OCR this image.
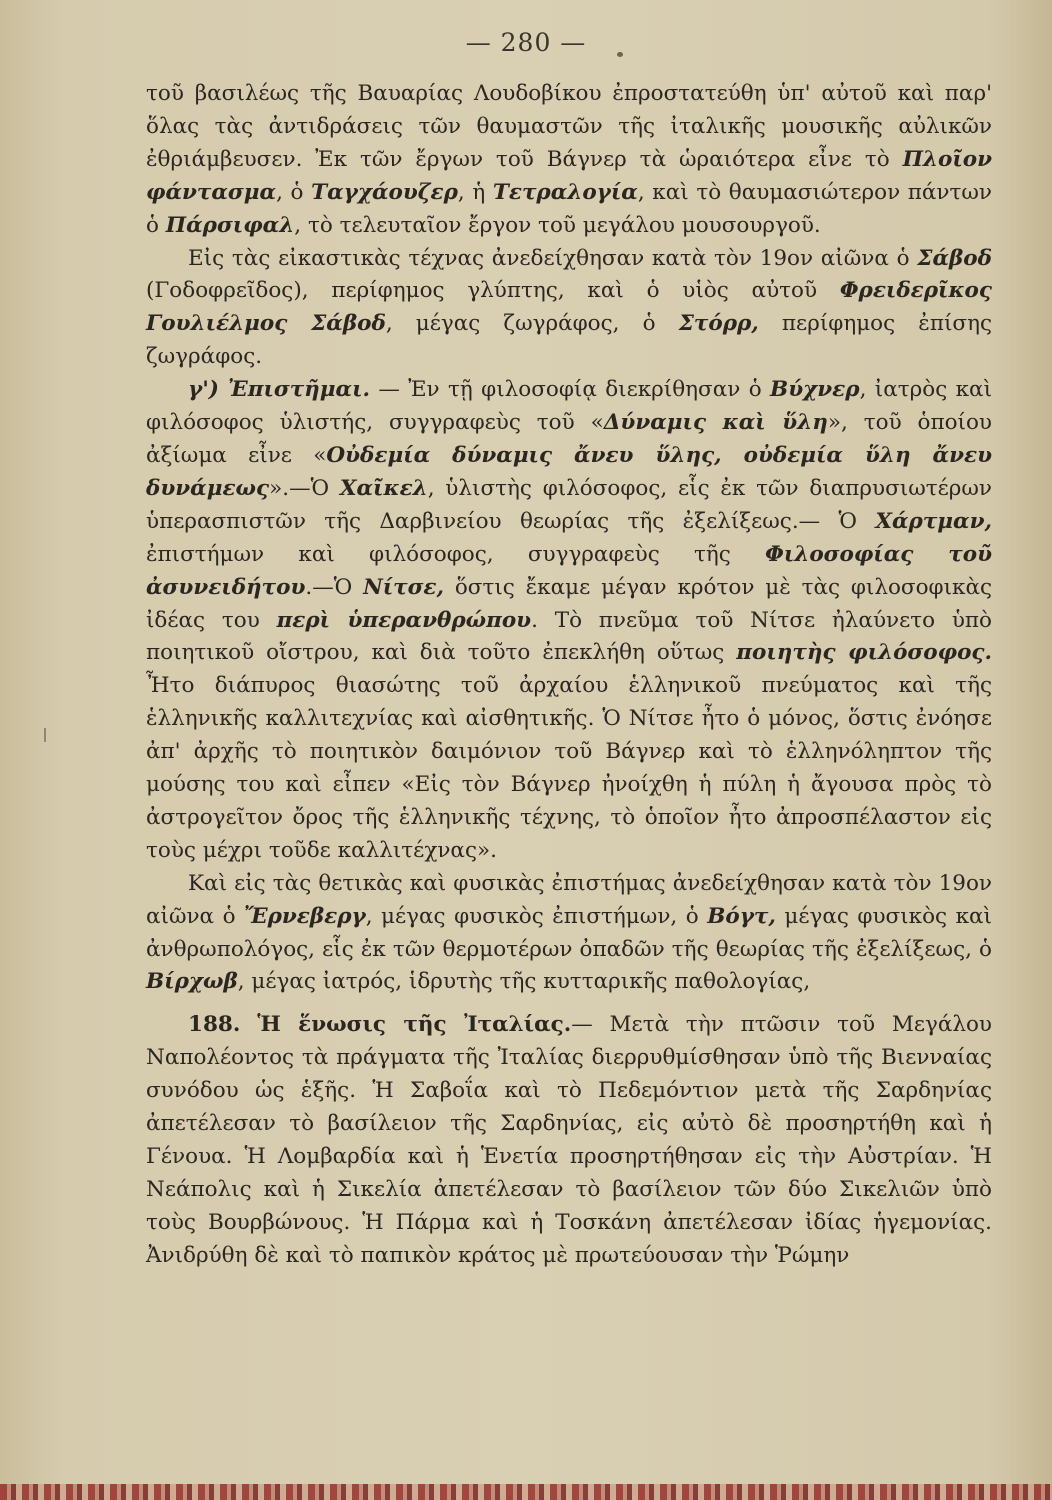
— 280 —

τοῦ βασιλέως τῆς Βαυαρίας Λουδοβίκου ἐπροστατεύθη ὑπ' αὐτοῦ καὶ παρ' ὅλας τὰς ἀντιδράσεις τῶν θαυμαστῶν τῆς ἰταλικῆς μουσικῆς αὐλικῶν ἐθριάμβευσεν. Ἐκ τῶν ἔργων τοῦ Βάγνερ τὰ ὡραιότερα εἶνε τὸ Πλοῖον φάντασμα, ὁ Ταγχάουζερ, ἡ Τετραλογία, καὶ τὸ θαυμασιώτερον πάντων ὁ Πάρσιφαλ, τὸ τελευταῖον ἔργον τοῦ μεγάλου μουσουργοῦ.

Εἰς τὰς εἰκαστικὰς τέχνας ἀνεδείχθησαν κατὰ τὸν 19ον αἰῶνα ὁ Σάβοδ (Γοδοφρεῖδος), περίφημος γλύπτης, καὶ ὁ υἱὸς αὐτοῦ Φρειδερῖκος Γουλιέλμος Σάβοδ, μέγας ζωγράφος, ὁ Στόρρ, περίφημος ἐπίσης ζωγράφος.

γ') Ἐπιστῆμαι. — Ἐν τῇ φιλοσοφίᾳ διεκρίθησαν ὁ Βύχνερ, ἰατρὸς καὶ φιλόσοφος ὑλιστής, συγγραφεὺς τοῦ «Δύναμις καὶ ὕλη», τοῦ ὁποίου ἀξίωμα εἶνε «Οὐδεμία δύναμις ἄνευ ὕλης, οὐδεμία ὕλη ἄνευ δυνάμεως».—Ὁ Χαῖκελ, ὑλιστὴς φιλόσοφος, εἷς ἐκ τῶν διαπρυσιωτέρων ὑπερασπιστῶν τῆς Δαρβινείου θεωρίας τῆς ἐξελίξεως.— Ὁ Χάρτμαν, ἐπιστήμων καὶ φιλόσοφος, συγγραφεὺς τῆς Φιλοσοφίας τοῦ ἀσυνειδήτου.—Ὁ Νίτσε, ὅστις ἔκαμε μέγαν κρότον μὲ τὰς φιλοσοφικὰς ἰδέας του περὶ ὑπερανθρώπου. Τὸ πνεῦμα τοῦ Νίτσε ἠλαύνετο ὑπὸ ποιητικοῦ οἴστρου, καὶ διὰ τοῦτο ἐπεκλήθη οὕτως ποιητὴς φιλόσοφος. Ἦτο διάπυρος θιασώτης τοῦ ἀρχαίου ἑλληνικοῦ πνεύματος καὶ τῆς ἑλληνικῆς καλλιτεχνίας καὶ αἰσθητικῆς. Ὁ Νίτσε ἦτο ὁ μόνος, ὅστις ἐνόησε ἀπ' ἀρχῆς τὸ ποιητικὸν δαιμόνιον τοῦ Βάγνερ καὶ τὸ ἑλληνόληπτον τῆς μούσης του καὶ εἶπεν «Εἰς τὸν Βάγνερ ἠνοίχθη ἡ πύλη ἡ ἄγουσα πρὸς τὸ ἀστρογεῖτον ὄρος τῆς ἑλληνικῆς τέχνης, τὸ ὁποῖον ἦτο ἀπροσπέλαστον εἰς τοὺς μέχρι τοῦδε καλλιτέχνας».

Καὶ εἰς τὰς θετικὰς καὶ φυσικὰς ἐπιστήμας ἀνεδείχθησαν κατὰ τὸν 19ον αἰῶνα ὁ Ἔρνεβεργ, μέγας φυσικὸς ἐπιστήμων, ὁ Βόγτ, μέγας φυσικὸς καὶ ἀνθρωπολόγος, εἷς ἐκ τῶν θερμοτέρων ὀπαδῶν τῆς θεωρίας τῆς ἐξελίξεως, ὁ Βίρχωβ, μέγας ἰατρός, ἱδρυτὴς τῆς κυτταρικῆς παθολογίας,

188. Ἡ ἕνωσις τῆς Ἰταλίας.— Μετὰ τὴν πτῶσιν τοῦ Μεγάλου Ναπολέοντος τὰ πράγματα τῆς Ἰταλίας διερρυθμίσθησαν ὑπὸ τῆς Βιενναίας συνόδου ὡς ἑξῆς. Ἡ Σαβοΐα καὶ τὸ Πεδεμόντιον μετὰ τῆς Σαρδηνίας ἀπετέλεσαν τὸ βασίλειον τῆς Σαρδηνίας, εἰς αὐτὸ δὲ προσηρτήθη καὶ ἡ Γένουα. Ἡ Λομβαρδία καὶ ἡ Ἑνετία προσηρτήθησαν εἰς τὴν Αὐστρίαν. Ἡ Νεάπολις καὶ ἡ Σικελία ἀπετέλεσαν τὸ βασίλειον τῶν δύο Σικελιῶν ὑπὸ τοὺς Βουρβώνους. Ἡ Πάρμα καὶ ἡ Τοσκάνη ἀπετέλεσαν ἰδίας ἡγεμονίας. Ἀνιδρύθη δὲ καὶ τὸ παπικὸν κράτος μὲ πρωτεύουσαν τὴν Ῥώμην
